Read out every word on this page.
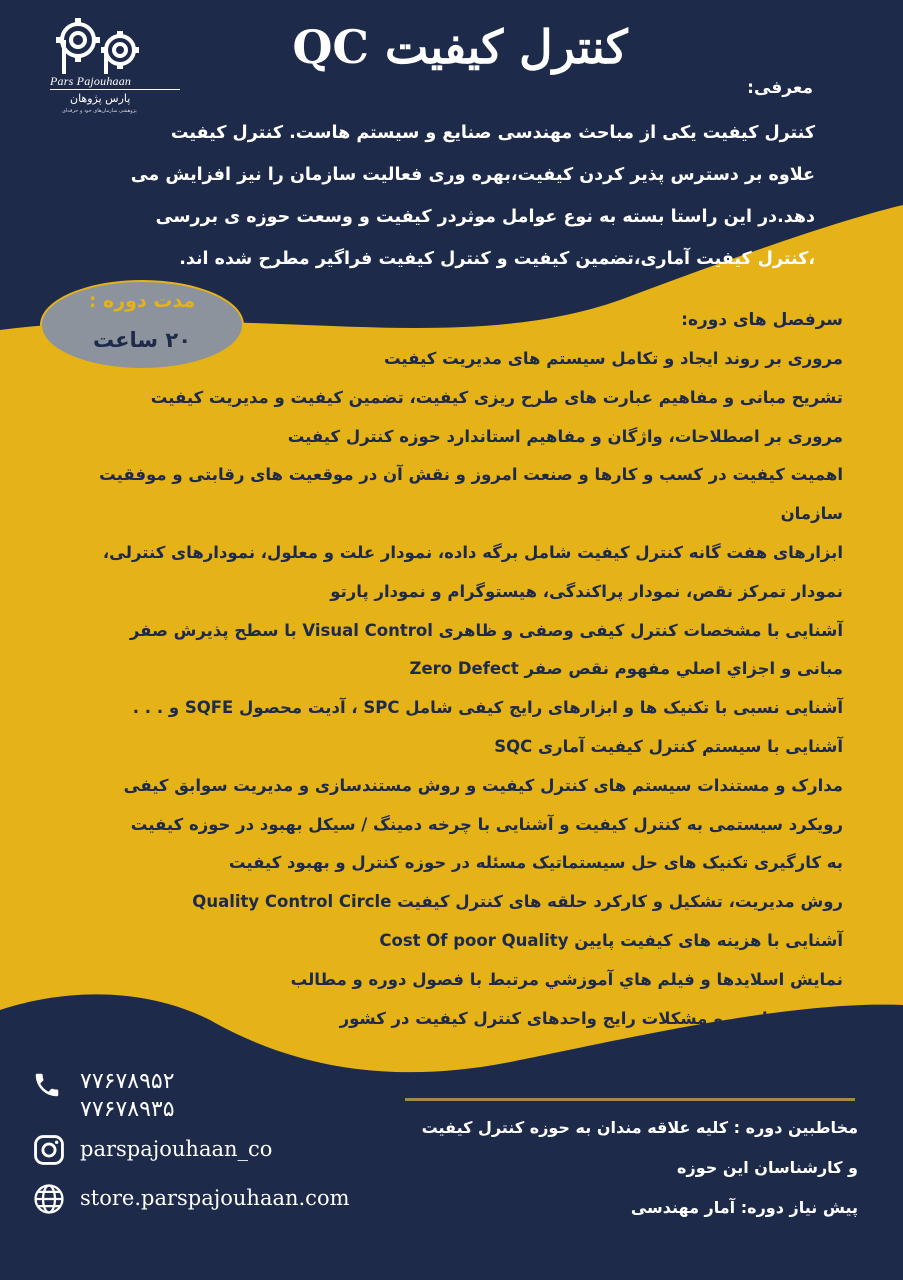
Pars Pajouhaan
پارس پژوهان
پژوهشی سازمان‌های خود و حرفه‌ای
کنترل کیفیت QC
معرفی:
کنترل کیفیت یکی از مباحث مهندسی صنایع و سیستم هاست. کنترل کیفیت
علاوه بر دسترس پذیر کردن کیفیت،بهره وری فعالیت سازمان را نیز افزایش می
دهد.در این راستا بسته به نوع عوامل موثردر کیفیت و وسعت حوزه ی بررسی
،کنترل کیفیت آماری،تضمین کیفیت و کنترل کیفیت فراگیر مطرح شده اند.
مدت دوره :
۲۰ ساعت
سرفصل های دوره:
مروری بر روند ایجاد و تکامل سیستم های مدیریت کیفیت
تشریح مبانی و مفاهیم عبارت های طرح ریزی کیفیت، تضمین کیفیت و مدیریت کیفیت
مروری بر اصطلاحات، واژگان و مفاهیم استاندارد حوزه کنترل کیفیت
اهمیت کیفیت در کسب و کارها و صنعت امروز و نقش آن در موقعیت های رقابتی و موفقیت
سازمان
ابزارهای هفت گانه کنترل کیفیت شامل برگه داده، نمودار علت و معلول، نمودارهای کنترلی،
نمودار تمرکز نقص، نمودار پراکندگی، هیستوگرام و نمودار پارتو
آشنایی با مشخصات کنترل کیفی وصفی و ظاهری Visual Control با سطح پذیرش صفر
مبانی و اجزاي اصلي مفهوم نقص صفر Zero Defect
آشنایی نسبی با تکنیک ها و ابزارهای رایج کیفی شامل SPC ، آدیت محصول SQFE و . . .
آشنایی با سیستم کنترل کیفیت آماری SQC
مدارک و مستندات سیستم های کنترل کیفیت و روش مستندسازی و مدیریت سوابق کیفی
رویکرد سیستمی به کنترل کیفیت و آشنایی با چرخه دمینگ / سیکل بهبود در حوزه کیفیت
به کارگیری تکنیک های حل سیستماتیک مسئله در حوزه کنترل و بهبود کیفیت
روش مدیریت، تشکیل و کارکرد حلقه های کنترل کیفیت Quality Control Circle
آشنایی با هزینه های کیفیت پایین Cost Of poor Quality
نمایش اسلایدها و فیلم هاي آموزشي مرتبط با فصول دوره و مطالب
آسیب شناسی و مشکلات رایج واحدهای کنترل کیفیت در کشور
مخاطبین دوره : کلیه علاقه مندان به حوزه کنترل کیفیت
و کارشناسان این حوزه
پیش نیاز دوره: آمار مهندسی
۷۷۶۷۸۹۵۲
۷۷۶۷۸۹۳۵
parspajouhaan_co
store.parspajouhaan.com
